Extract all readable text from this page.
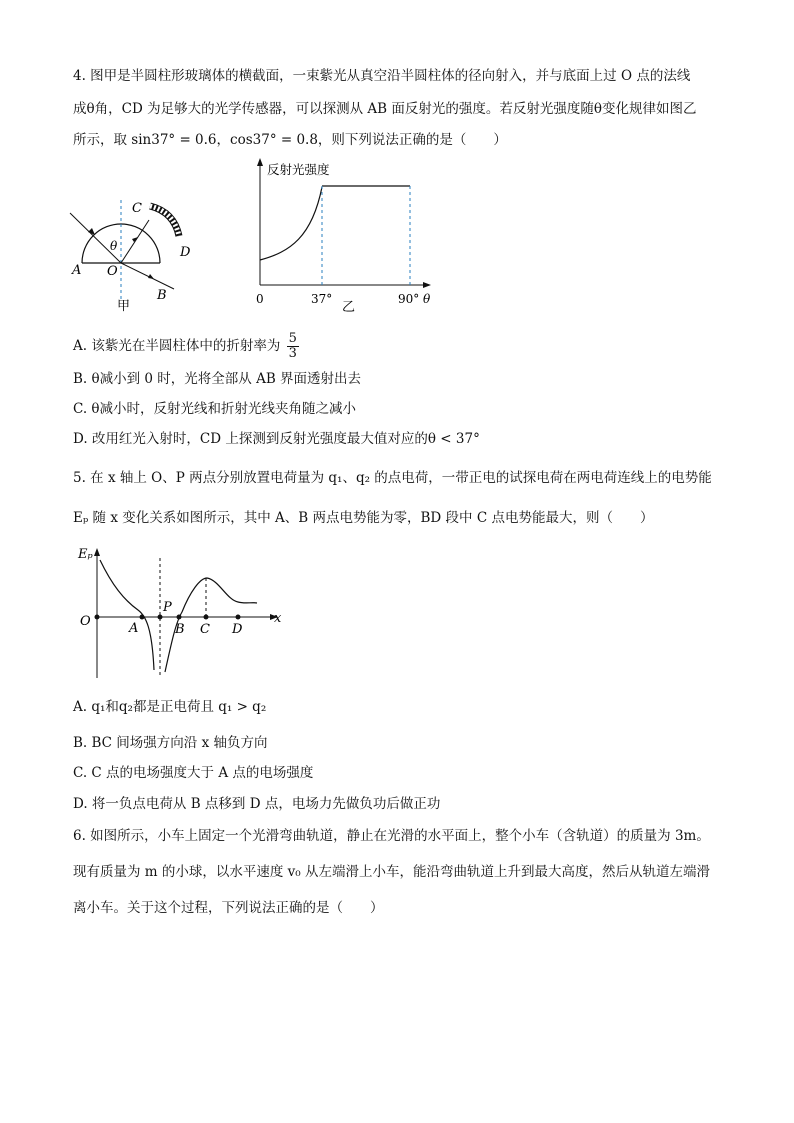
4. 图甲是半圆柱形玻璃体的横截面，一束紫光从真空沿半圆柱体的径向射入，并与底面上过 O 点的法线
成θ角，CD 为足够大的光学传感器，可以探测从 AB 面反射光的强度。若反射光强度随θ变化规律如图乙
所示，取 sin37° = 0.6，cos37° = 0.8，则下列说法正确的是（　　）
A O
B
C
D
θ
甲
反射光强度
0	37°	90° θ
乙
A. 该紫光在半圆柱体中的折射率为 $\frac{5}{3}$
B. θ减小到 0 时，光将全部从 AB 界面透射出去
C. θ减小时，反射光线和折射光线夹角随之减小
D. 改用红光入射时，CD 上探测到反射光强度最大值对应的θ < 37°
5. 在 x 轴上 O、P 两点分别放置电荷量为 q₁、q₂ 的点电荷，一带正电的试探电荷在两电荷连线上的电势能
Eₚ 随 x 变化关系如图所示，其中 A、B 两点电势能为零，BD 段中 C 点电势能最大，则（　　）
Eₚ
O	A
P
B C D
x
A. q₁和q₂都是正电荷且 q₁ > q₂
B. BC 间场强方向沿 x 轴负方向
C. C 点的电场强度大于 A 点的电场强度
D. 将一负点电荷从 B 点移到 D 点，电场力先做负功后做正功
6. 如图所示，小车上固定一个光滑弯曲轨道，静止在光滑的水平面上，整个小车（含轨道）的质量为 3m。
现有质量为 m 的小球，以水平速度 v₀ 从左端滑上小车，能沿弯曲轨道上升到最大高度，然后从轨道左端滑
离小车。关于这个过程，下列说法正确的是（　　）
